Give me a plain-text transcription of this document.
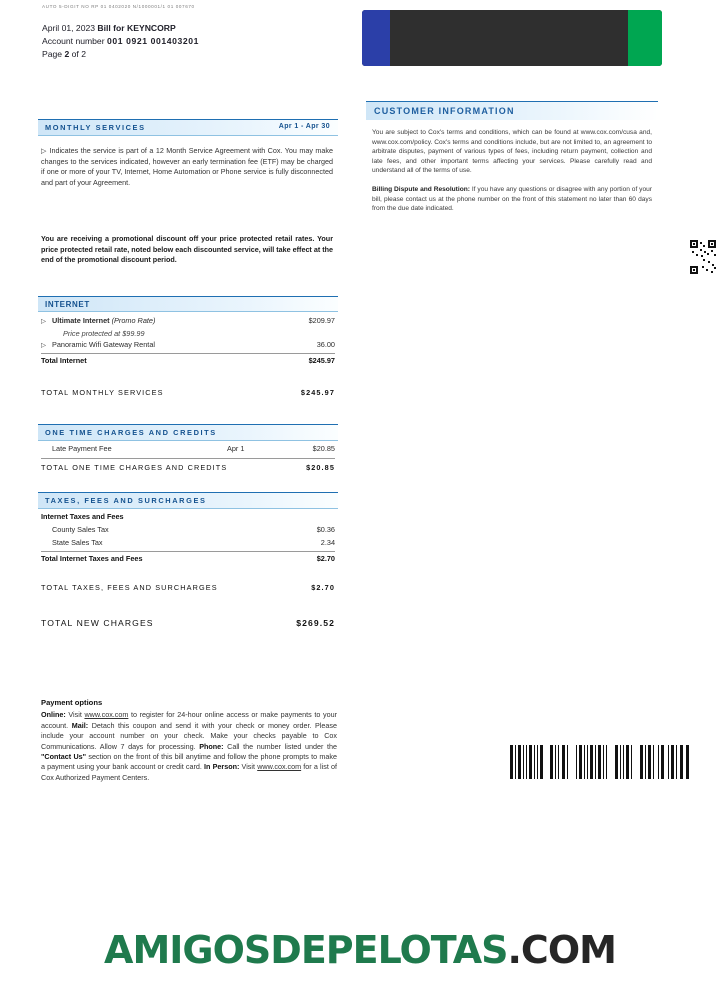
AUTO 5-DIGIT NO RP 01 0402020 N/1000001/1 01 007670
April 01, 2023 Bill for KEYNCORP
Account number 001 0921 001403201
Page 2 of 2
CUSTOMER INFORMATION

You are subject to Cox's terms and conditions, which can be found at www.cox.com/cusa and, www.cox.com/policy. Cox's terms and conditions include, but are not limited to, an agreement to arbitrate disputes, payment of various types of fees, including return payment, collection and late fees, and other important terms affecting your services. Please carefully read and understand all of the terms of use.

Billing Dispute and Resolution: If you have any questions or disagree with any portion of your bill, please contact us at the phone number on the front of this statement no later than 60 days from the due date indicated.

MONTHLY SERVICES	Apr 1 - Apr 30
▷ Indicates the service is part of a 12 Month Service Agreement with Cox. You may make changes to the services indicated, however an early termination fee (ETF) may be charged if one or more of your TV, Internet, Home Automation or Phone service is fully disconnected and part of your Agreement.
You are receiving a promotional discount off your price protected retail rates. Your price protected retail rate, noted below each discounted service, will take effect at the end of the promotional discount period.
INTERNET
▷ Ultimate Internet (Promo Rate)	$209.97
Price protected at $99.99
▷ Panoramic Wifi Gateway Rental	36.00
Total Internet	$245.97
TOTAL MONTHLY SERVICES	$245.97
ONE TIME CHARGES AND CREDITS
Late Payment Fee	Apr 1	$20.85
TOTAL ONE TIME CHARGES AND CREDITS	$20.85
TAXES, FEES AND SURCHARGES
Internet Taxes and Fees
County Sales Tax	$0.36
State Sales Tax	2.34
Total Internet Taxes and Fees	$2.70
TOTAL TAXES, FEES AND SURCHARGES	$2.70
TOTAL NEW CHARGES	$269.52
Payment options
Online: Visit www.cox.com to register for 24-hour online access or make payments to your account. Mail: Detach this coupon and send it with your check or money order. Please include your account number on your check. Make your checks payable to Cox Communications. Allow 7 days for processing. Phone: Call the number listed under the "Contact Us" section on the front of this bill anytime and follow the phone prompts to make a payment using your bank account or credit card. In Person: Visit www.cox.com for a list of Cox Authorized Payment Centers.
AMIGOSDEPELOTAS.COM
